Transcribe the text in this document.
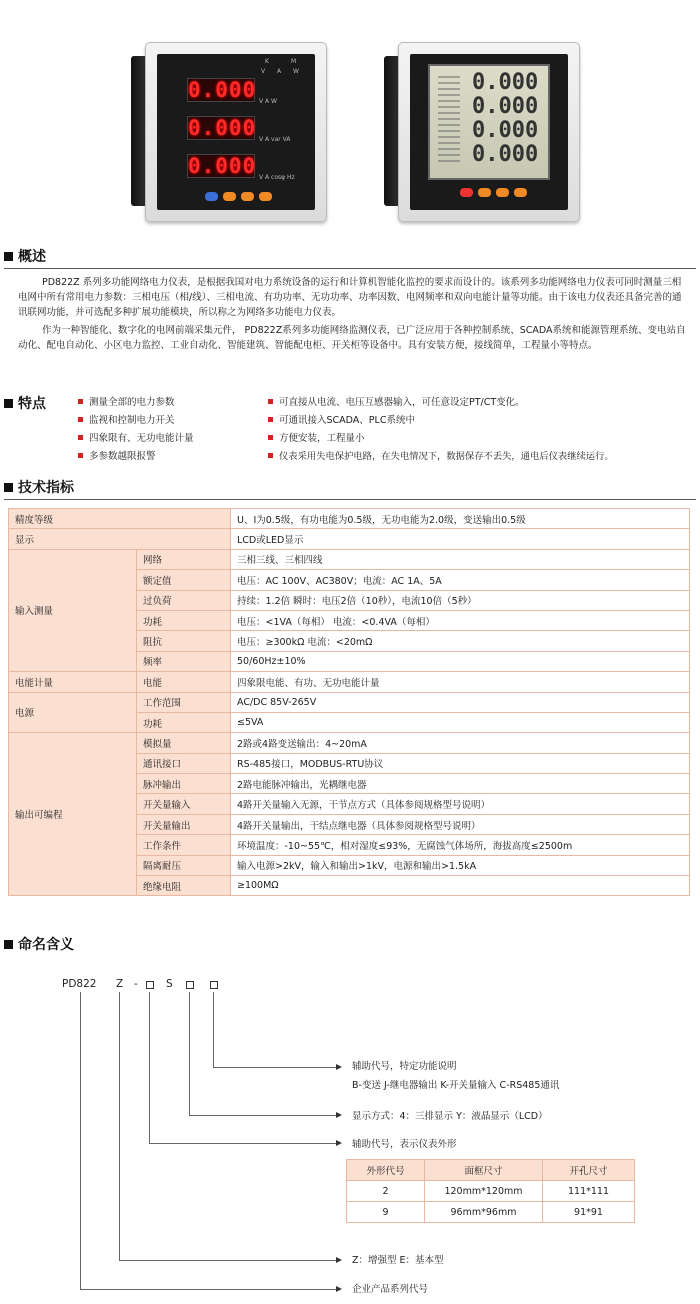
K	M
V A W
0.000
0.000
0.000
V A W
V A var VA
V A cosφ Hz
0.000
0.000
0.000
0.000
概述

PD822Z 系列多功能网络电力仪表，是根据我国对电力系统设备的运行和计算机智能化监控的要求而设计的。该系列多功能网络电力仪表可同时测量三相电网中所有常用电力参数：三相电压（相/线）、三相电流、有功功率、无功功率、功率因数、电网频率和双向电能计量等功能。由于该电力仪表还具备完善的通讯联网功能，并可选配多种扩展功能模块，所以称之为网络多功能电力仪表。

作为一种智能化、数字化的电网前端采集元件， PD822Z系列多功能网络监测仪表，已广泛应用于各种控制系统、SCADA系统和能源管理系统、变电站自动化、配电自动化、小区电力监控、工业自动化、智能建筑、智能配电柜、开关柜等设备中。具有安装方便，接线简单，工程量小等特点。

特点	测量全部的电力参数
监视和控制电力开关
四象限有、无功电能计量
多参数越限报警
可直接从电流、电压互感器输入，可任意设定PT/CT变化。
可通讯接入SCADA、PLC系统中
方便安装，工程量小
仪表采用失电保护电路，在失电情况下，数据保存不丢失，通电后仪表继续运行。
技术指标
精度等级		U、I为0.5级，有功电能为0.5级，无功电能为2.0级，变送输出0.5级
显示		LCD或LED显示
输入测量	网络	三相三线、三相四线
	额定值	电压：AC 100V、AC380V；电流：AC 1A、5A
	过负荷	持续：1.2倍 瞬时：电压2倍（10秒），电流10倍（5秒）
	功耗	电压：<1VA（每相） 电流：<0.4VA（每相）
	阻抗	电压：≥300kΩ 电流：<20mΩ
	频率	50/60Hz±10%
电能计量	电能	四象限电能、有功、无功电能计量
电源	工作范围	AC/DC 85V-265V
	功耗	≤5VA
输出可编程	模拟量	2路或4路变送输出：4~20mA
	通讯接口	RS-485接口，MODBUS-RTU协议
	脉冲输出	2路电能脉冲输出，光耦继电器
	开关量输入	4路开关量输入无源，干节点方式（具体参阅规格型号说明）
	开关量输出	4路开关量输出，干结点继电器（具体参阅规格型号说明）
	工作条件	环境温度：-10~55℃，相对湿度≤93%，无腐蚀气体场所，海拔高度≤2500m
	隔离耐压	输入电源>2kV，输入和输出>1kV，电源和输出>1.5kA
	绝缘电阻	≥100MΩ
命名含义
PD822 Z -	S
辅助代号，特定功能说明
B-变送 J-继电器输出 K-开关量输入 C-RS485通讯
显示方式：4：三排显示 Y：液晶显示（LCD）
辅助代号，表示仪表外形
外形代号	面框尺寸	开孔尺寸
2	120mm*120mm	111*111
9	96mm*96mm	91*91
Z：增强型 E：基本型
企业产品系列代号
